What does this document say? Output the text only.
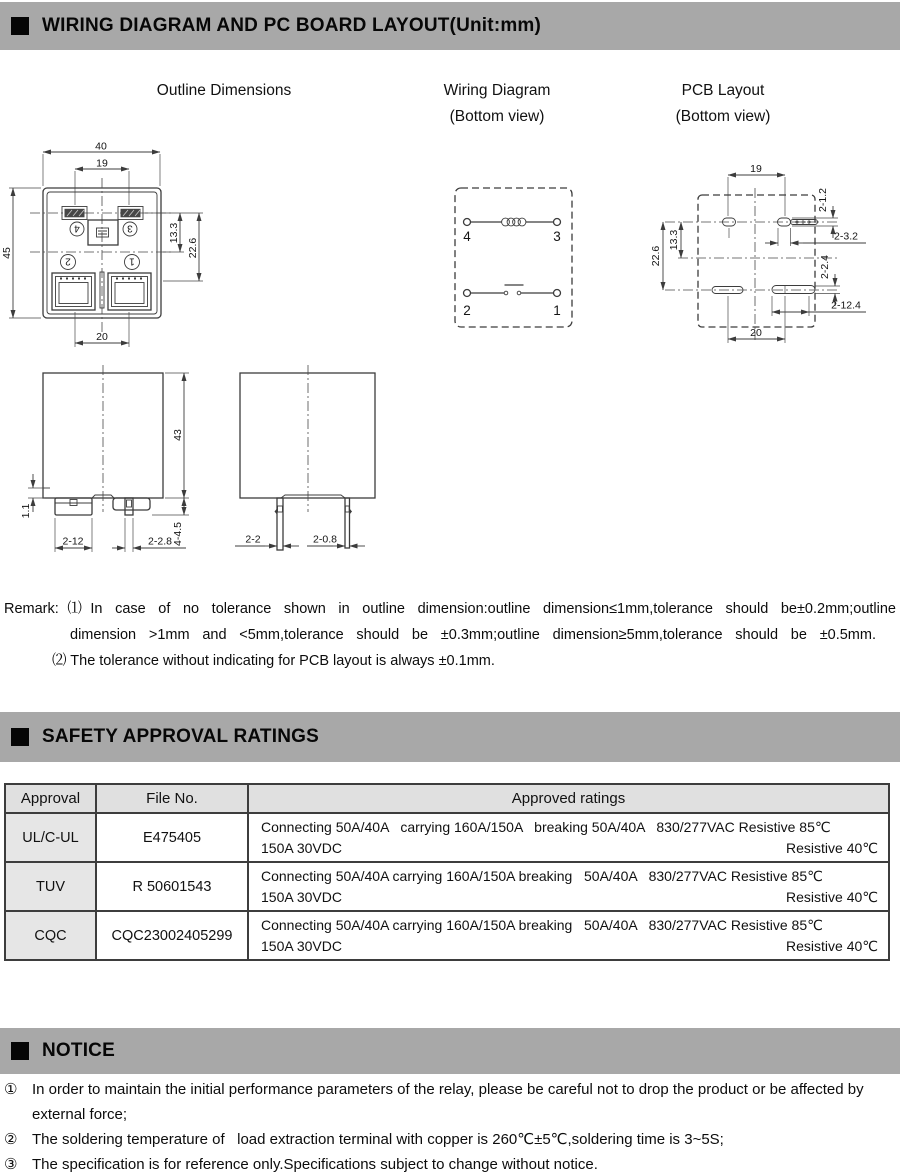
WIRING DIAGRAM AND PC BOARD LAYOUT(Unit:mm)
Outline Dimensions	Wiring Diagram
(Bottom view)
PCB Layout
(Bottom view)
40
19
4	3
2	1
45
13.3
22.6
20
1.1
43
4-4.5
2-12	2-2.8	2-2	2-0.8
4	3
2	1
19
2-1.2
2-3.2
22.6
13.3
2-2.4
2-12.4
20
Remark:⑴In case of no tolerance shown in outline dimension:outline dimension≤1mm,tolerance should be±0.2mm;outline
dimension >1mm and <5mm,tolerance should be ±0.3mm;outline dimension≥5mm,tolerance should be ±0.5mm.
⑵ The tolerance without indicating for PCB layout is always ±0.1mm.
SAFETY APPROVAL RATINGS
Approval	File No.	Approved ratings
UL/C-UL	E475405	Connecting 50A/40A   carrying 160A/150A   breaking 50A/40A   830/277VAC Resistive 85℃
150A 30VDC Resistive 40℃

TUV	R 50601543	Connecting 50A/40A carrying 160A/150A breaking   50A/40A   830/277VAC Resistive 85℃
150A 30VDC Resistive 40℃

CQC	CQC23002405299	Connecting 50A/40A carrying 160A/150A breaking   50A/40A   830/277VAC Resistive 85℃
150A 30VDC Resistive 40℃
NOTICE
① In order to maintain the initial performance parameters of the relay, please be careful not to drop the product or be affected by external force;
② The soldering temperature of   load extraction terminal with copper is 260℃±5℃,soldering time is 3~5S;
③ The specification is for reference only.Specifications subject to change without notice.
